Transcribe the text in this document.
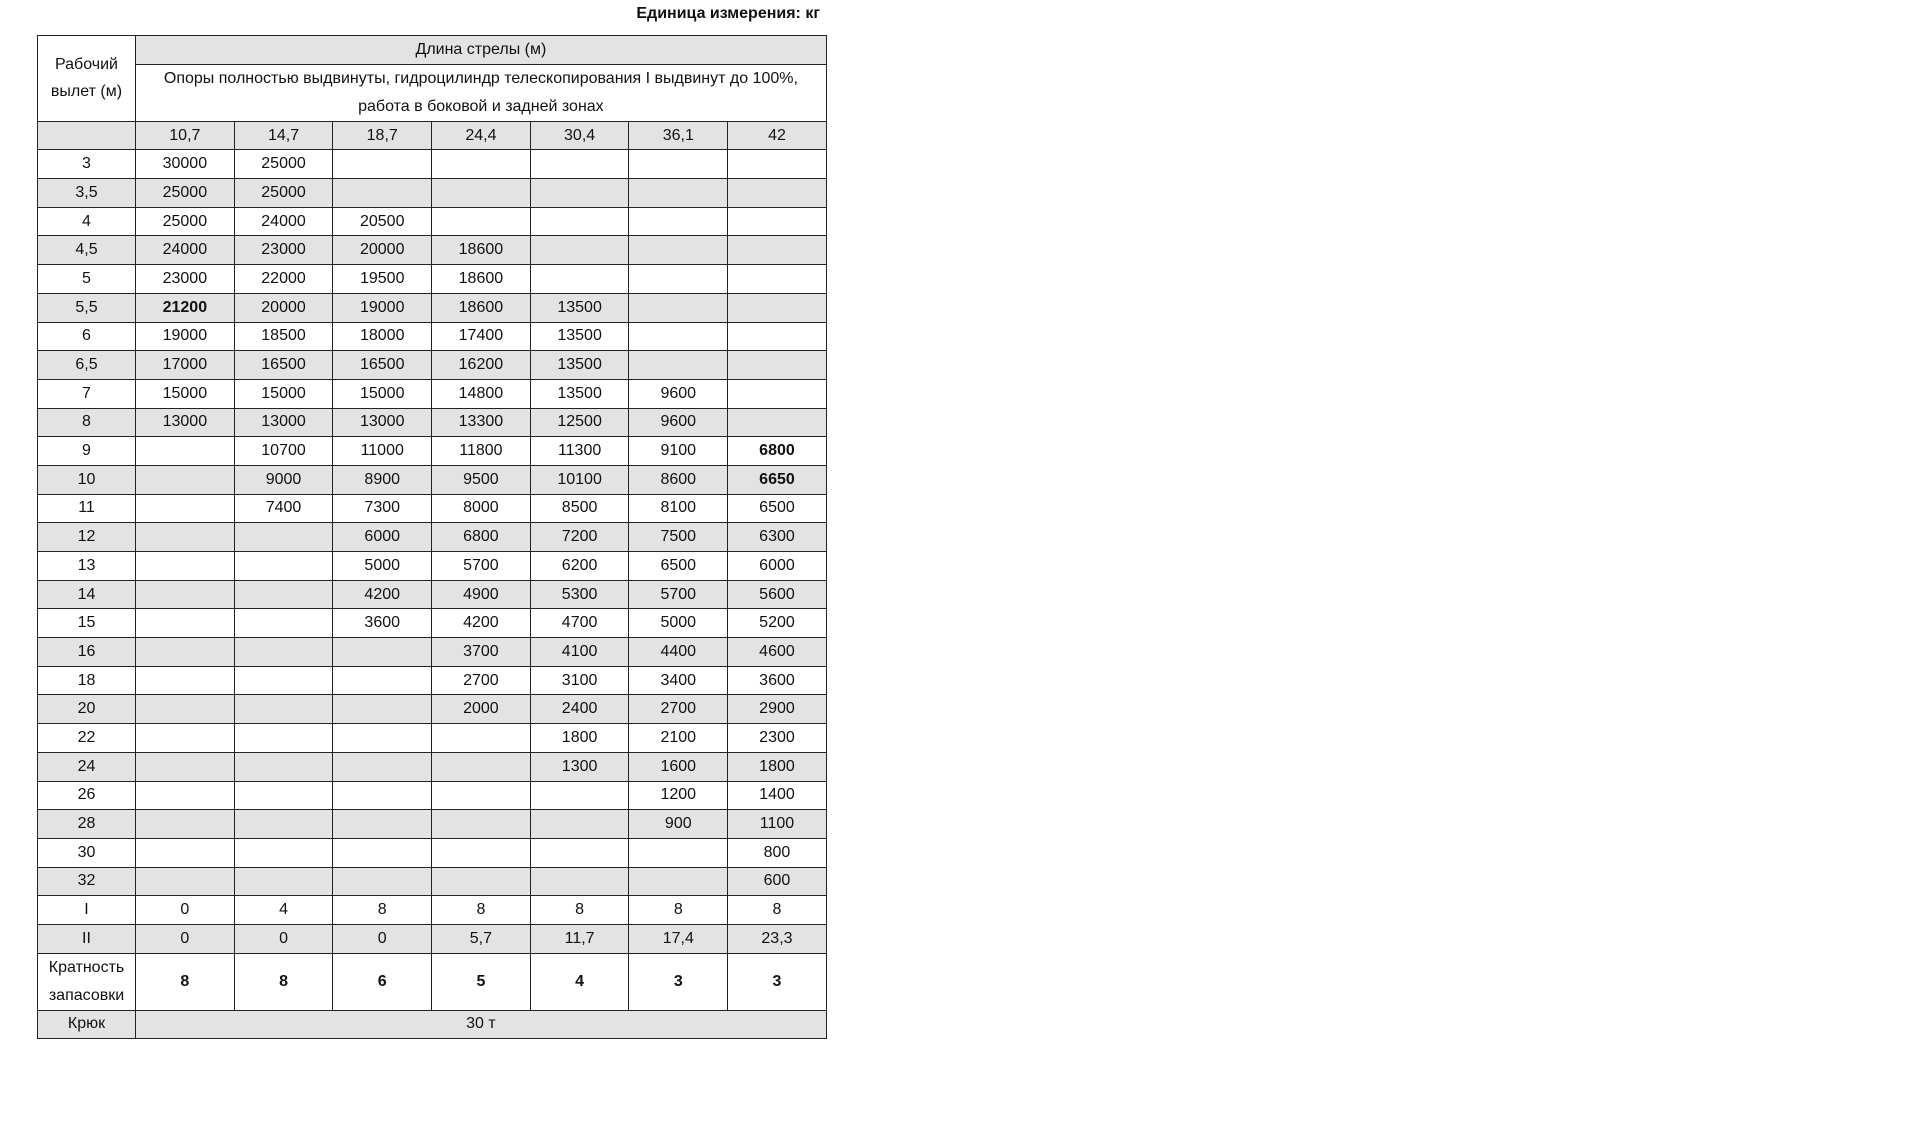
Единица измерения: кг
Рабочий вылет (м)	Длина стрелы (м)						
	Опоры полностью выдвинуты, гидроцилиндр телескопирования I выдвинут до 100%, работа в боковой и задней зонах						
	10,7	14,7	18,7	24,4	30,4	36,1	42
3	30000	25000					
3,5	25000	25000					
4	25000	24000	20500				
4,5	24000	23000	20000	18600			
5	23000	22000	19500	18600			
5,5	21200	20000	19000	18600	13500		
6	19000	18500	18000	17400	13500		
6,5	17000	16500	16500	16200	13500		
7	15000	15000	15000	14800	13500	9600	
8	13000	13000	13000	13300	12500	9600	
9		10700	11000	11800	11300	9100	6800
10		9000	8900	9500	10100	8600	6650
11		7400	7300	8000	8500	8100	6500
12			6000	6800	7200	7500	6300
13			5000	5700	6200	6500	6000
14			4200	4900	5300	5700	5600
15			3600	4200	4700	5000	5200
16				3700	4100	4400	4600
18				2700	3100	3400	3600
20				2000	2400	2700	2900
22					1800	2100	2300
24					1300	1600	1800
26						1200	1400
28						900	1100
30							800
32							600
I	0	4	8	8	8	8	8
II	0	0	0	5,7	11,7	17,4	23,3
Кратность запасовки	8	8	6	5	4	3	3
Крюк	30 т						
